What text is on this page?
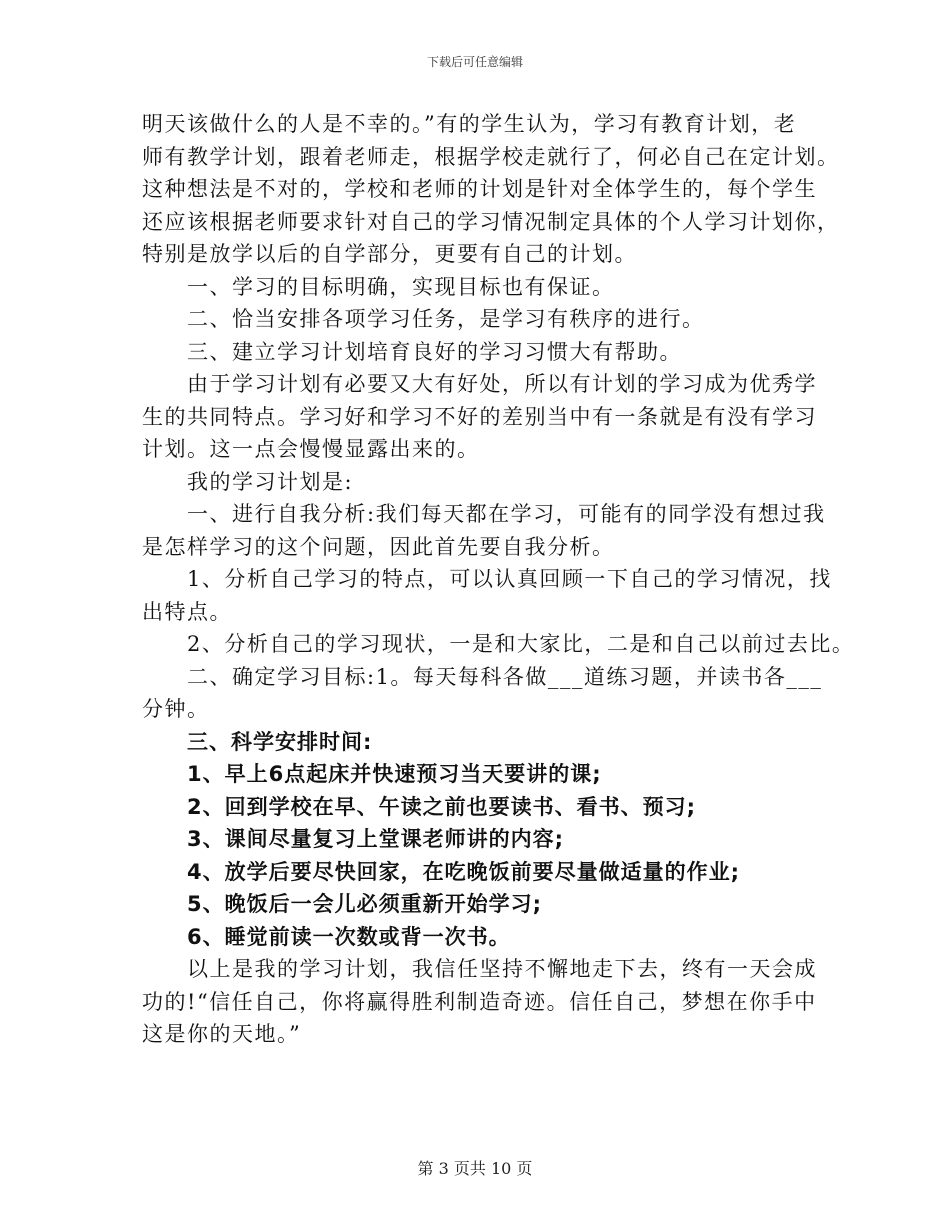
下载后可任意编辑
明天该做什么的人是不幸的。”有的学生认为，学习有教育计划，老
师有教学计划，跟着老师走，根据学校走就行了，何必自己在定计划。
这种想法是不对的，学校和老师的计划是针对全体学生的，每个学生
还应该根据老师要求针对自己的学习情况制定具体的个人学习计划你，
特别是放学以后的自学部分，更要有自己的计划。
一、学习的目标明确，实现目标也有保证。
二、恰当安排各项学习任务，是学习有秩序的进行。
三、建立学习计划培育良好的学习习惯大有帮助。
由于学习计划有必要又大有好处，所以有计划的学习成为优秀学
生的共同特点。学习好和学习不好的差别当中有一条就是有没有学习
计划。这一点会慢慢显露出来的。
我的学习计划是:
一、进行自我分析:我们每天都在学习，可能有的同学没有想过我
是怎样学习的这个问题，因此首先要自我分析。
1、分析自己学习的特点，可以认真回顾一下自己的学习情况，找
出特点。
2、分析自己的学习现状，一是和大家比，二是和自己以前过去比。
二、确定学习目标:1。每天每科各做___道练习题，并读书各___
分钟。
三、科学安排时间:
1、早上6点起床并快速预习当天要讲的课;
2、回到学校在早、午读之前也要读书、看书、预习;
3、课间尽量复习上堂课老师讲的内容;
4、放学后要尽快回家，在吃晚饭前要尽量做适量的作业;
5、晚饭后一会儿必须重新开始学习;
6、睡觉前读一次数或背一次书。
以上是我的学习计划，我信任坚持不懈地走下去，终有一天会成
功的!“信任自己，你将赢得胜利制造奇迹。信任自己，梦想在你手中
这是你的天地。”
第 3 页共 10 页
